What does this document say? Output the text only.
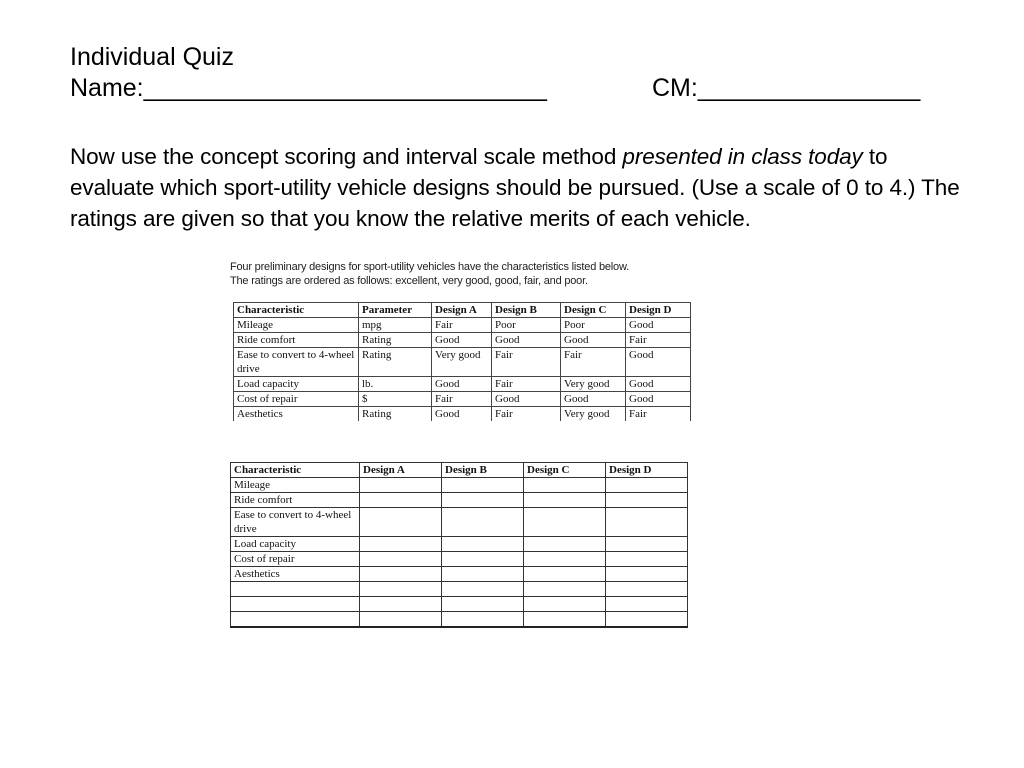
Individual Quiz
Name:_____________________________	CM:________________
Now use the concept scoring and interval scale method presented in class today to evaluate which sport-utility vehicle designs should be pursued. (Use a scale of 0 to 4.) The ratings are given so that you know the relative merits of each vehicle.
Four preliminary designs for sport-utility vehicles have the characteristics listed below.
The ratings are ordered as follows: excellent, very good, good, fair, and poor.
Characteristic	Parameter	Design A	Design B	Design C	Design D
Mileage	mpg	Fair	Poor	Poor	Good
Ride comfort	Rating	Good	Good	Good	Fair
Ease to convert to 4-wheel drive	Rating	Very good	Fair	Fair	Good
Load capacity	lb.	Good	Fair	Very good	Good
Cost of repair	$	Fair	Good	Good	Good
Aesthetics	Rating	Good	Fair	Very good	Fair
Characteristic	Design A	Design B	Design C	Design D
Mileage				
Ride comfort				
Ease to convert to 4-wheel drive				
Load capacity				
Cost of repair				
Aesthetics				
